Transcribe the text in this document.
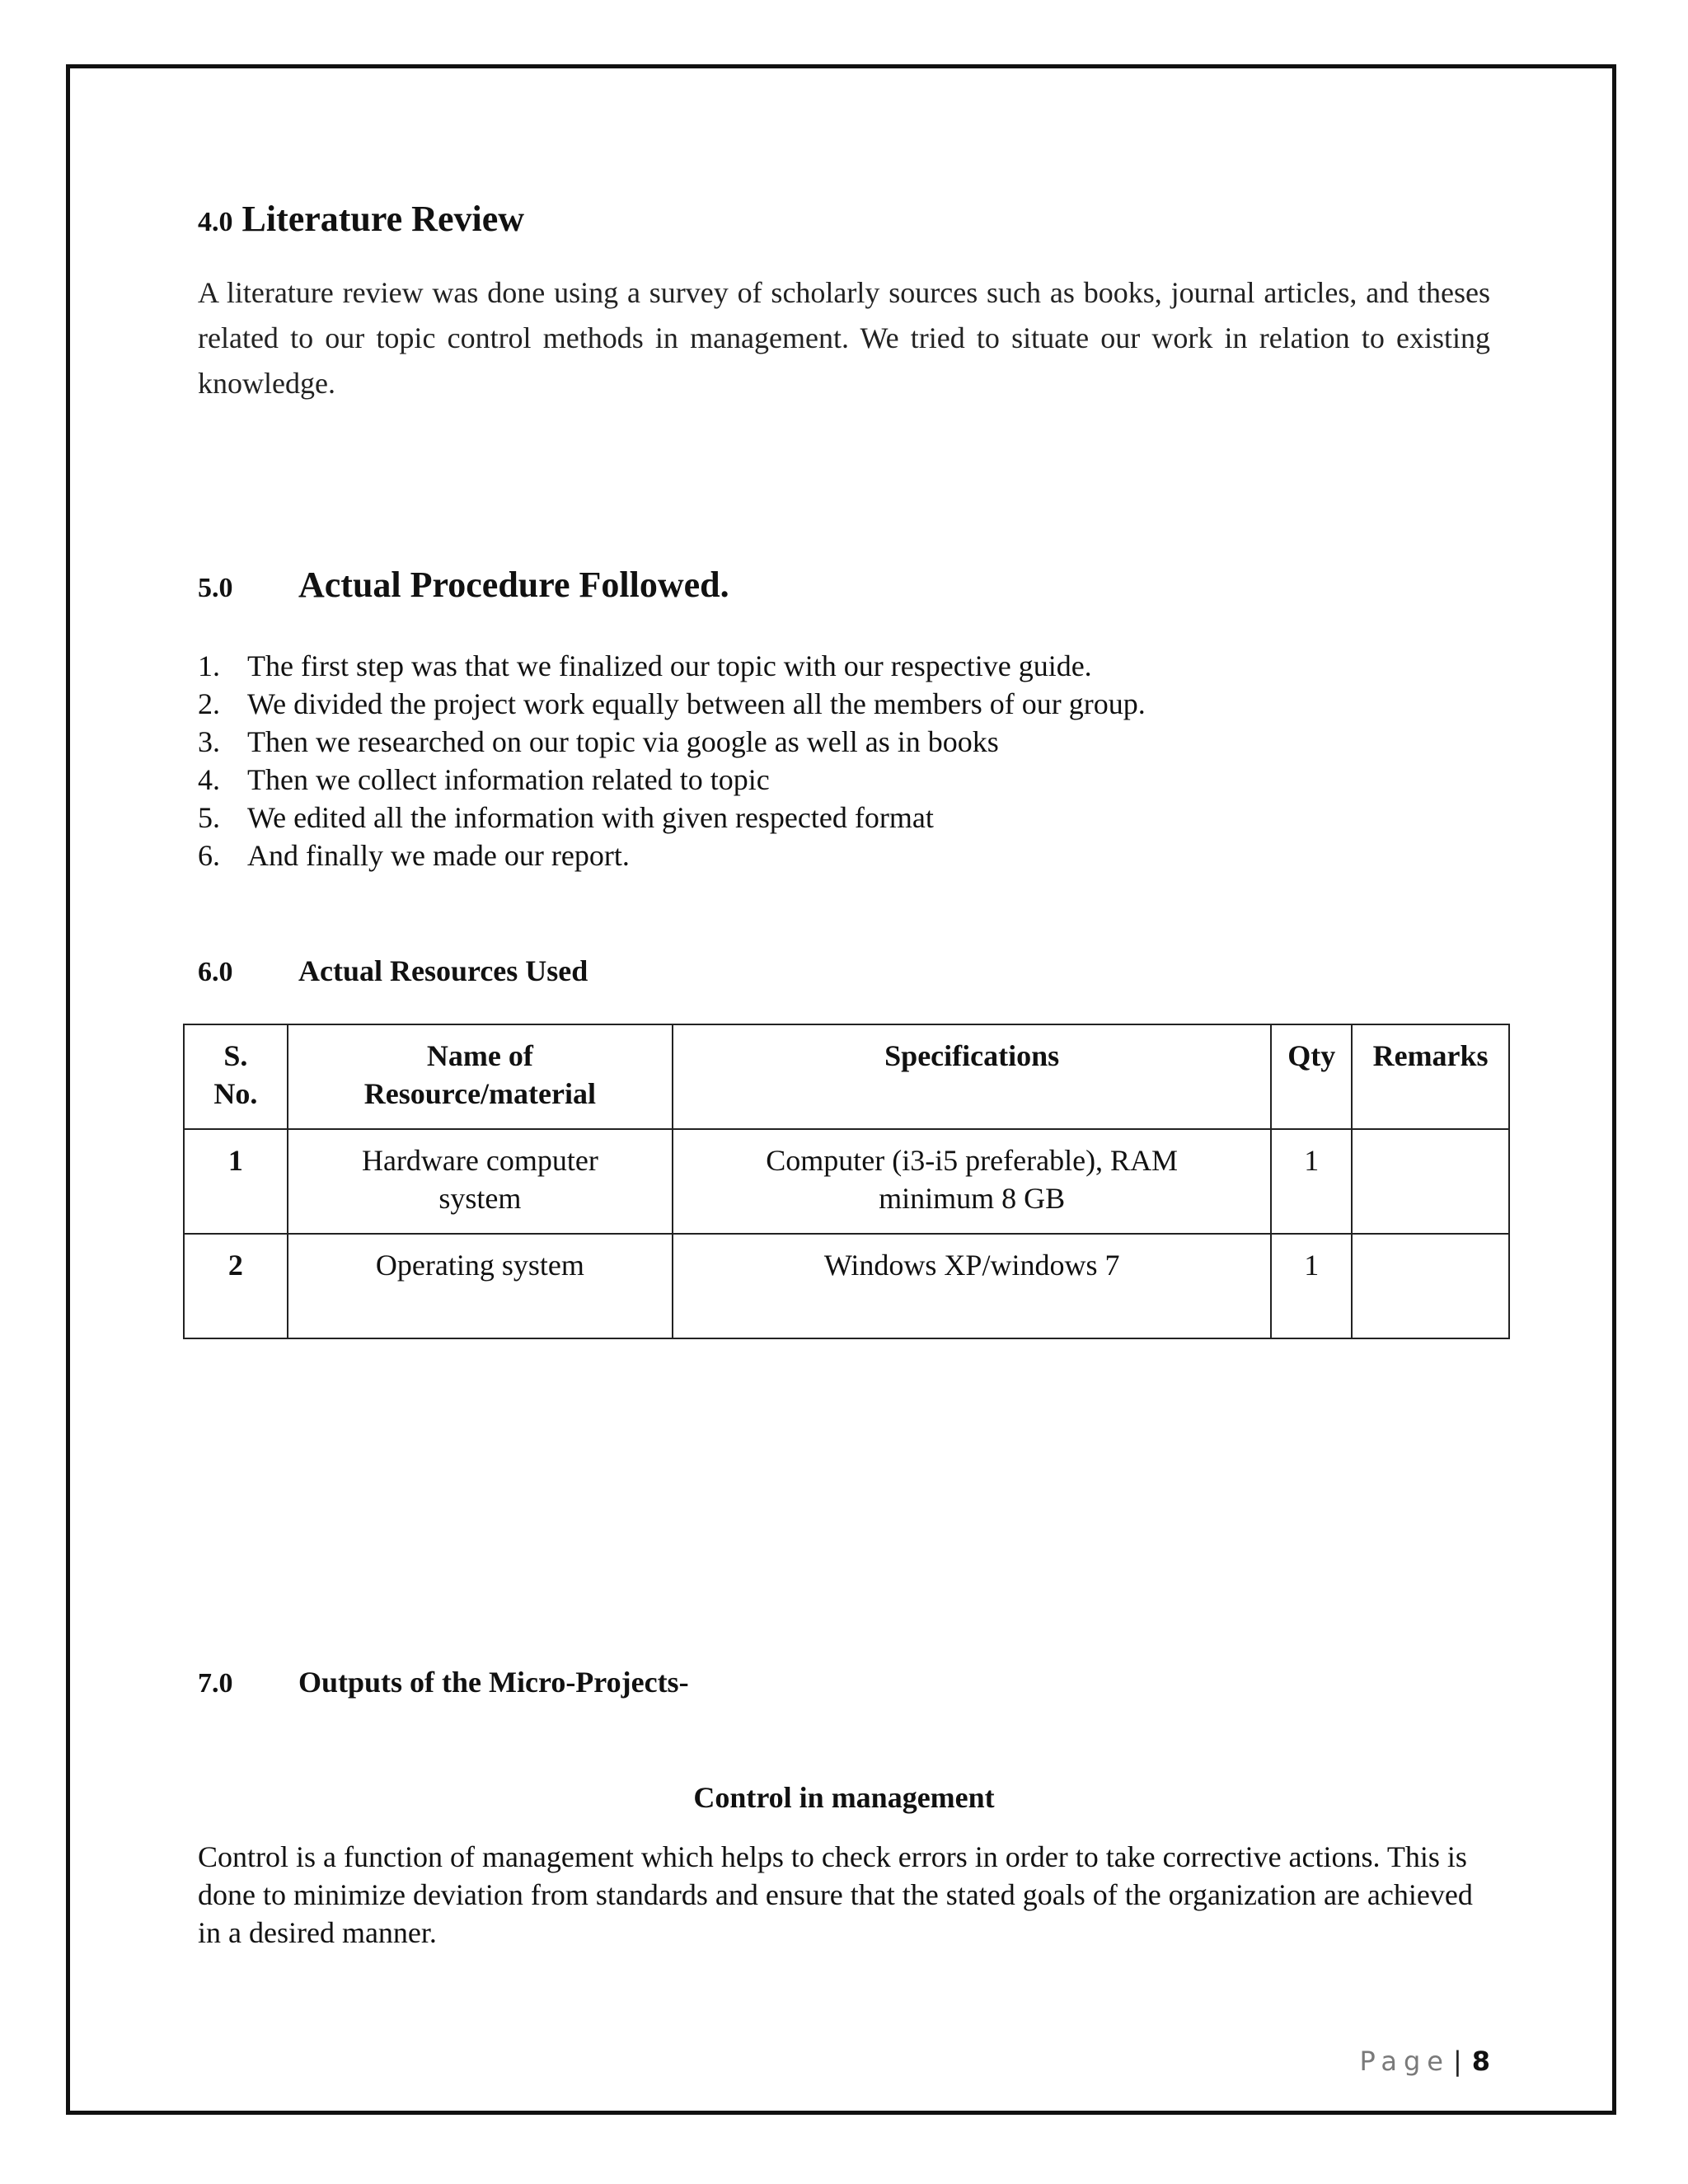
4.0 Literature Review
A literature review was done using a survey of scholarly sources such as books, journal articles, and theses related to our topic control methods in management. We tried to situate our work in relation to existing knowledge.
5.0 Actual Procedure Followed.
1. The first step was that we finalized our topic with our respective guide.
2. We divided the project work equally between all the members of our group.
3. Then we researched on our topic via google as well as in books
4. Then we collect information related to topic
5. We edited all the information with given respected format
6. And finally we made our report.
6.0 Actual Resources Used
S. No.	Name of Resource/material	Specifications	Qty	Remarks
1	Hardware computer system	Computer (i3-i5 preferable), RAM minimum 8 GB	1	
2	Operating system	Windows XP/windows 7	1	
7.0 Outputs of the Micro-Projects-
Control in management
Control is a function of management which helps to check errors in order to take corrective actions. This is done to minimize deviation from standards and ensure that the stated goals of the organization are achieved in a desired manner.
Page | 8
